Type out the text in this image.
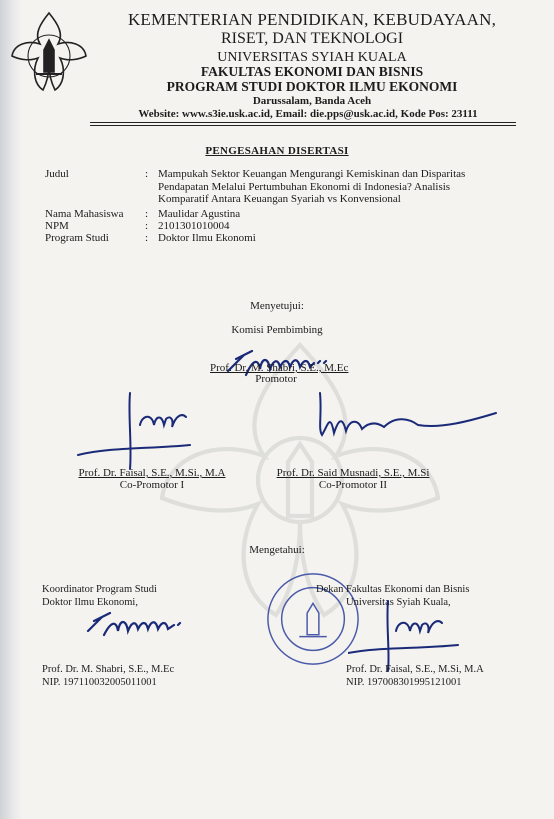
KEMENTERIAN PENDIDIKAN, KEBUDAYAAN,
RISET, DAN TEKNOLOGI
UNIVERSITAS SYIAH KUALA
FAKULTAS EKONOMI DAN BISNIS
PROGRAM STUDI DOKTOR ILMU EKONOMI
Darussalam, Banda Aceh
Website: www.s3ie.usk.ac.id, Email: die.pps@usk.ac.id, Kode Pos: 23111
PENGESAHAN DISERTASI
Judul	: Mampukah Sektor Keuangan Mengurangi Kemiskinan dan Disparitas Pendapatan Melalui Pertumbuhan Ekonomi di Indonesia? Analisis Komparatif Antara Keuangan Syariah vs Konvensional
Nama Mahasiswa : Maulidar Agustina
NPM	: 2101301010004
Program Studi	: Doktor Ilmu Ekonomi
Menyetujui:
Komisi Pembimbing
Prof. Dr. M. Shabri, S.E., M.Ec
Promotor
Prof. Dr. Faisal, S.E., M.Si., M.A
Co-Promotor I
Prof. Dr. Said Musnadi, S.E., M.Si
Co-Promotor II
Mengetahui:
Koordinator Program Studi
Doktor Ilmu Ekonomi,
Prof. Dr. M. Shabri, S.E., M.Ec
NIP. 197110032005011001
Dekan Fakultas Ekonomi dan Bisnis
Universitas Syiah Kuala,
Prof. Dr. Faisal, S.E., M.Si, M.A
NIP. 197008301995121001
